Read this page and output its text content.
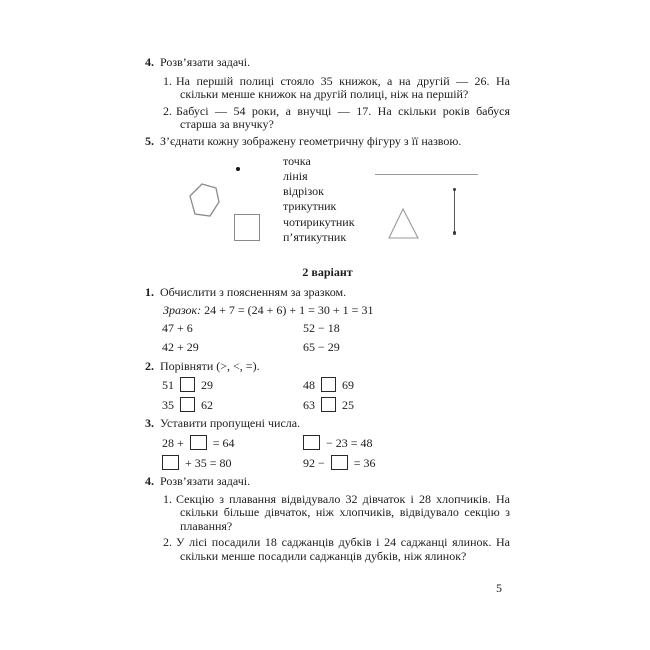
4. Розв’язати задачі.
1. На першій полиці стояло 35 книжок, а на другій — 26. На скільки менше книжок на другій полиці, ніж на першій?
2. Бабусі — 54 роки, а внучці — 17. На скільки років бабуся старша за внучку?
5. З’єднати кожну зображену геометричну фігуру з її назвою.
точка
лінія
відрізок
трикутник
чотирикутник
п’ятикутник
2 варіант
1. Обчислити з поясненням за зразком.
Зразок: 24 + 7 = (24 + 6) + 1 = 30 + 1 = 31
47 + 6	52 − 18
42 + 29	65 − 29
2. Порівняти (>, <, =).
51 29	48 69
35 62	63 25
3. Уставити пропущені числа.
28 + = 64	− 23 = 48
+ 35 = 80	92 − = 36
4. Розв’язати задачі.
1. Секцію з плавання відвідувало 32 дівчаток і 28 хлопчиків. На скільки більше дівчаток, ніж хлопчиків, відвідувало секцію з плавання?
2. У лісі посадили 18 саджанців дубків і 24 саджанці ялинок. На скільки менше посадили саджанців дубків, ніж ялинок?
5
